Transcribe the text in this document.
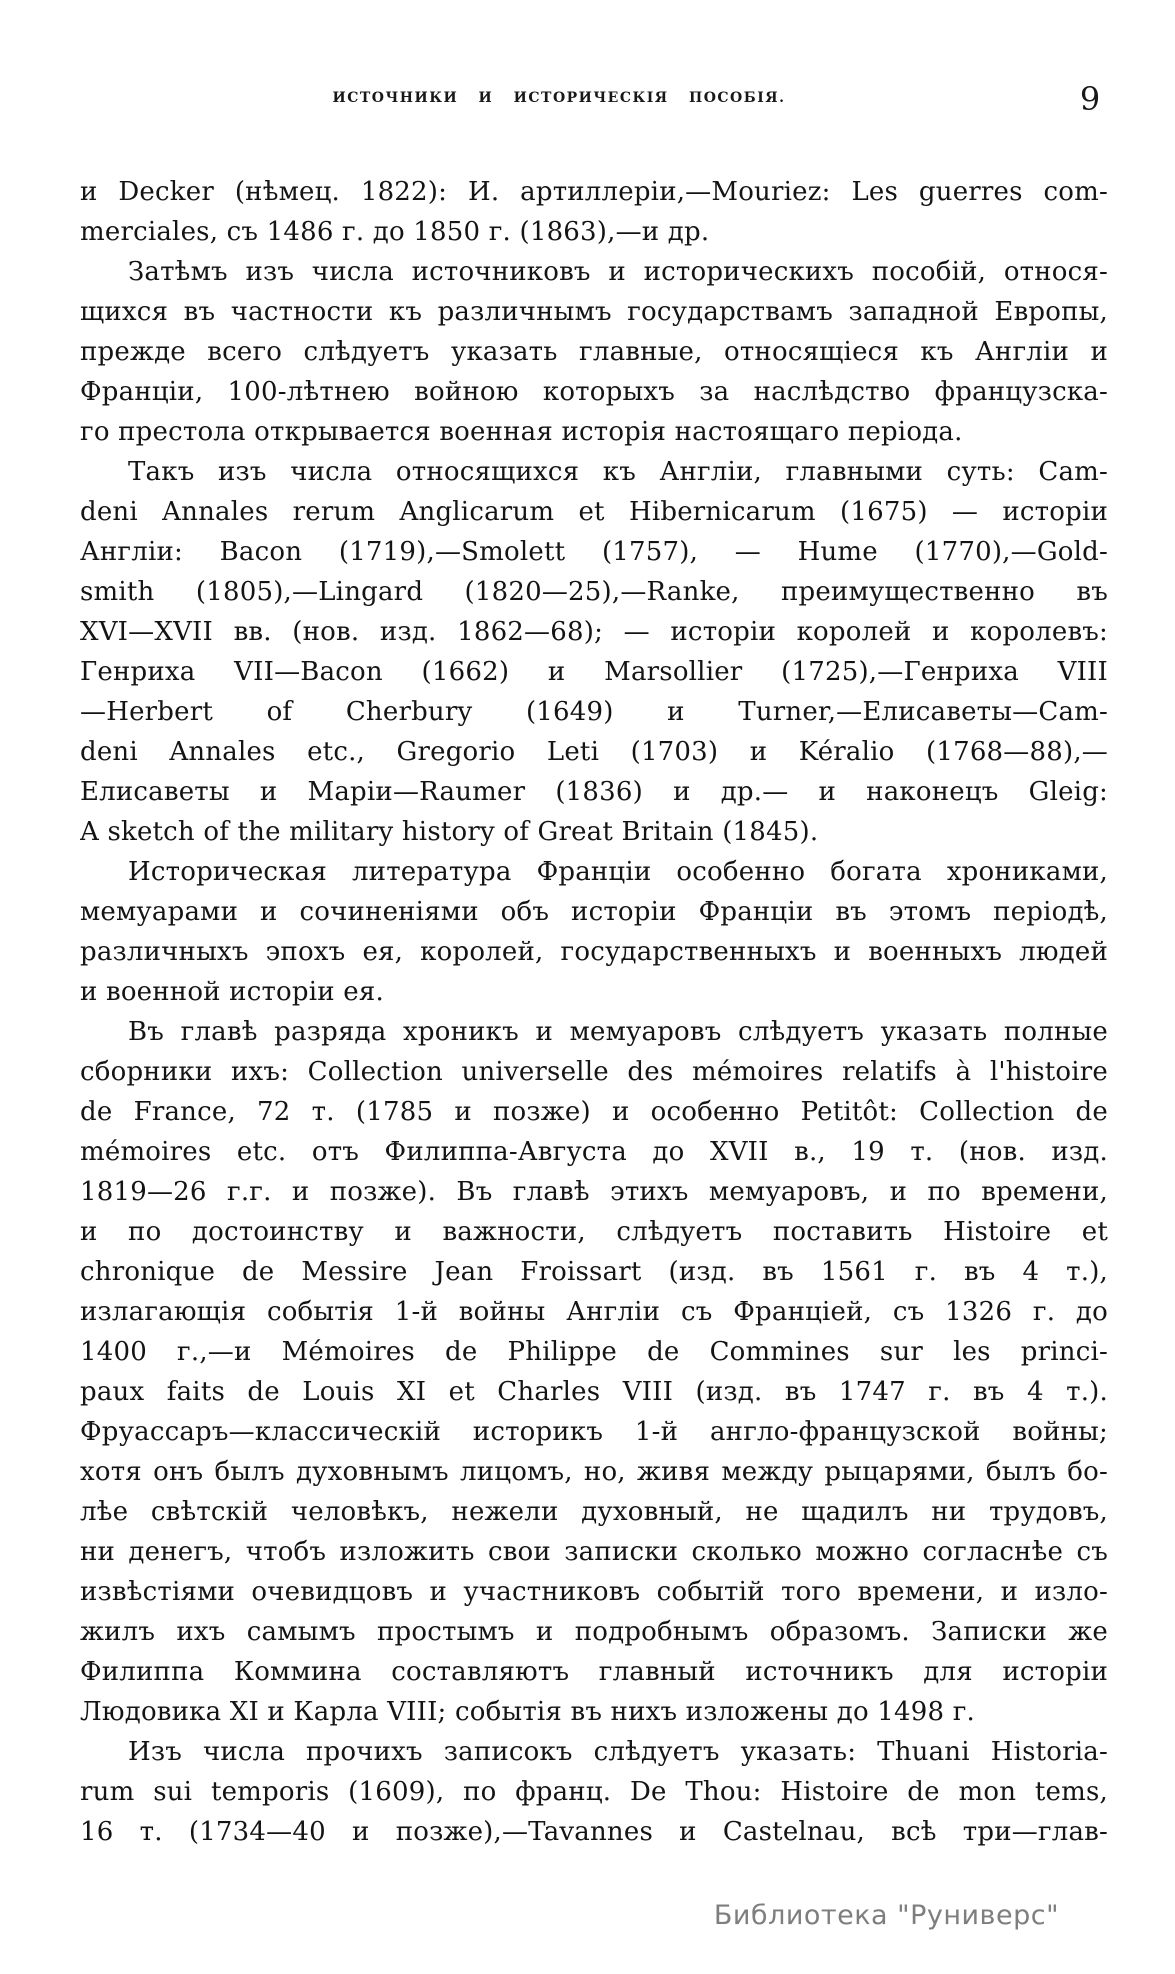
ИСТОЧНИКИ И ИСТОРИЧЕСКІЯ ПОСОБІЯ.	9
и Decker (нѣмец. 1822): И. артиллеріи,—Mouriez: Les guerres com-
merciales, съ 1486 г. до 1850 г. (1863),—и др.
Затѣмъ изъ числа источниковъ и историческихъ пособій, относя-
щихся въ частности къ различнымъ государствамъ западной Европы,
прежде всего слѣдуетъ указать главные, относящіеся къ Англіи и
Франціи, 100-лѣтнею войною которыхъ за наслѣдство французска-
го престола открывается военная исторія настоящаго періода.
Такъ изъ числа относящихся къ Англіи, главными суть: Cam-
deni Annales rerum Anglicarum et Hibernicarum (1675) — исторіи
Англіи: Bacon (1719),—Smolett (1757), — Hume (1770),—Gold-
smith (1805),—Lingard (1820—25),—Ranke, преимущественно въ
XVI—XVII вв. (нов. изд. 1862—68); — исторіи королей и королевъ:
Генриха VII—Bacon (1662) и Marsollier (1725),—Генриха VIII
—Herbert of Cherbury (1649) и Turner,—Елисаветы—Cam-
deni Annales etc., Gregorio Leti (1703) и Kéralio (1768—88),—
Елисаветы и Маріи—Raumer (1836) и др.— и наконецъ Gleig:
A sketch of the military history of Great Britain (1845).
Историческая литература Франціи особенно богата хрониками,
мемуарами и сочиненіями объ исторіи Франціи въ этомъ періодѣ,
различныхъ эпохъ ея, королей, государственныхъ и военныхъ людей
и военной исторіи ея.
Въ главѣ разряда хроникъ и мемуаровъ слѣдуетъ указать полные
сборники ихъ: Collection universelle des mémoires relatifs à l'histoire
de France, 72 т. (1785 и позже) и особенно Petitôt: Collection de
mémoires etc. отъ Филиппа-Августа до XVII в., 19 т. (нов. изд.
1819—26 г.г. и позже). Въ главѣ этихъ мемуаровъ, и по времени,
и по достоинству и важности, слѣдуетъ поставить Histoire et
chronique de Messire Jean Froissart (изд. въ 1561 г. въ 4 т.),
излагающія событія 1-й войны Англіи съ Франціей, съ 1326 г. до
1400 г.,—и Mémoires de Philippe de Commines sur les princi-
paux faits de Louis XI et Charles VIII (изд. въ 1747 г. въ 4 т.).
Фруассаръ—классическій историкъ 1-й англо-французской войны;
хотя онъ былъ духовнымъ лицомъ, но, живя между рыцарями, былъ бо-
лѣе свѣтскій человѣкъ, нежели духовный, не щадилъ ни трудовъ,
ни денегъ, чтобъ изложить свои записки сколько можно согласнѣе съ
извѣстіями очевидцовъ и участниковъ событій того времени, и изло-
жилъ ихъ самымъ простымъ и подробнымъ образомъ. Записки же
Филиппа Коммина составляютъ главный источникъ для исторіи
Людовика XI и Карла VIII; событія въ нихъ изложены до 1498 г.
Изъ числа прочихъ записокъ слѣдуетъ указать: Thuani Historia-
rum sui temporis (1609), по франц. De Thou: Histoire de mon tems,
16 т. (1734—40 и позже),—Tavannes и Castelnau, всѣ три—глав-
Библиотека "Руниверс"
